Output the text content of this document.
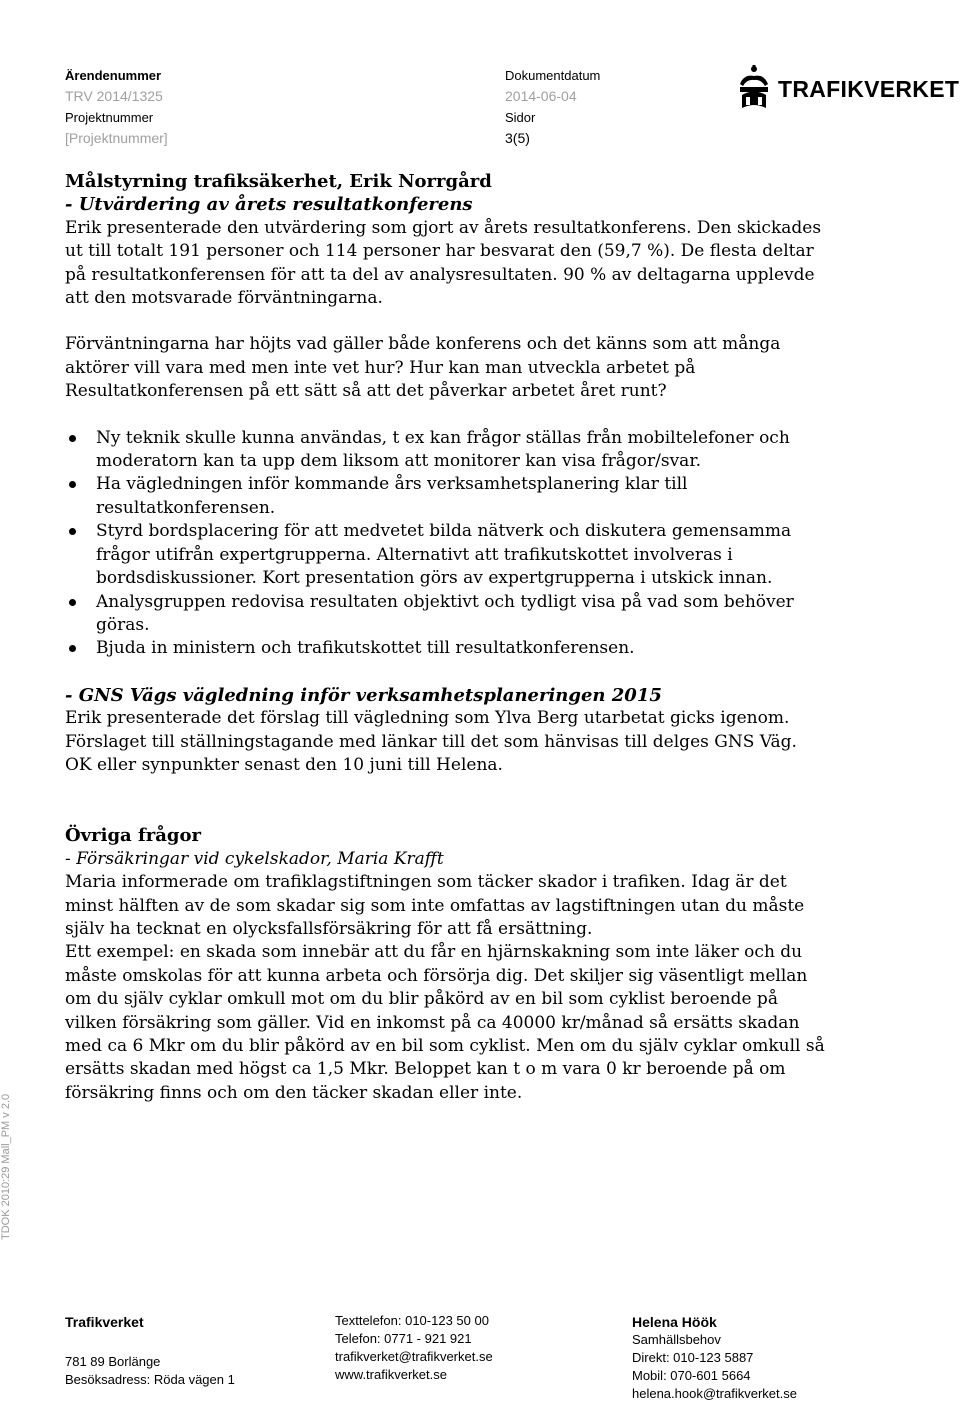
Ärendenummer
TRV 2014/1325
Projektnummer
[Projektnummer]
Dokumentdatum
2014-06-04
Sidor
3(5)
TRAFIKVERKET

Målstyrning trafiksäkerhet, Erik Norrgård

- Utvärdering av årets resultatkonferens

Erik presenterade den utvärdering som gjort av årets resultatkonferens. Den skickades ut till totalt 191 personer och 114 personer har besvarat den (59,7 %). De flesta deltar på resultatkonferensen för att ta del av analysresultaten. 90 % av deltagarna upplevde att den motsvarade förväntningarna.

Förväntningarna har höjts vad gäller både konferens och det känns som att många aktörer vill vara med men inte vet hur? Hur kan man utveckla arbetet på Resultatkonferensen på ett sätt så att det påverkar arbetet året runt?

Ny teknik skulle kunna användas, t ex kan frågor ställas från mobiltelefoner och moderatorn kan ta upp dem liksom att monitorer kan visa frågor/svar.
Ha vägledningen inför kommande års verksamhetsplanering klar till resultatkonferensen.
Styrd bordsplacering för att medvetet bilda nätverk och diskutera gemensamma frågor utifrån expertgrupperna. Alternativt att trafikutskottet involveras i bordsdiskussioner. Kort presentation görs av expertgrupperna i utskick innan.
Analysgruppen redovisa resultaten objektivt och tydligt visa på vad som behöver göras.
Bjuda in ministern och trafikutskottet till resultatkonferensen.

- GNS Vägs vägledning inför verksamhetsplaneringen 2015

Erik presenterade det förslag till vägledning som Ylva Berg utarbetat gicks igenom. Förslaget till ställningstagande med länkar till det som hänvisas till delges GNS Väg. OK eller synpunkter senast den 10 juni till Helena.

Övriga frågor

- Försäkringar vid cykelskador, Maria Krafft

Maria informerade om trafiklagstiftningen som täcker skador i trafiken. Idag är det minst hälften av de som skadar sig som inte omfattas av lagstiftningen utan du måste själv ha tecknat en olycksfallsförsäkring för att få ersättning.

Ett exempel: en skada som innebär att du får en hjärnskakning som inte läker och du måste omskolas för att kunna arbeta och försörja dig. Det skiljer sig väsentligt mellan om du själv cyklar omkull mot om du blir påkörd av en bil som cyklist beroende på vilken försäkring som gäller. Vid en inkomst på ca 40000 kr/månad så ersätts skadan med ca 6 Mkr om du blir påkörd av en bil som cyklist. Men om du själv cyklar omkull så ersätts skadan med högst ca 1,5 Mkr. Beloppet kan t o m vara 0 kr beroende på om försäkring finns och om den täcker skadan eller inte.

TDOK 2010:29 Mall_PM v 2.0
Trafikverket
781 89 Borlänge
Besöksadress: Röda vägen 1
Texttelefon: 010-123 50 00
Telefon: 0771 - 921 921
trafikverket@trafikverket.se
www.trafikverket.se
Helena Höök
Samhällsbehov
Direkt: 010-123 5887
Mobil: 070-601 5664
helena.hook@trafikverket.se
